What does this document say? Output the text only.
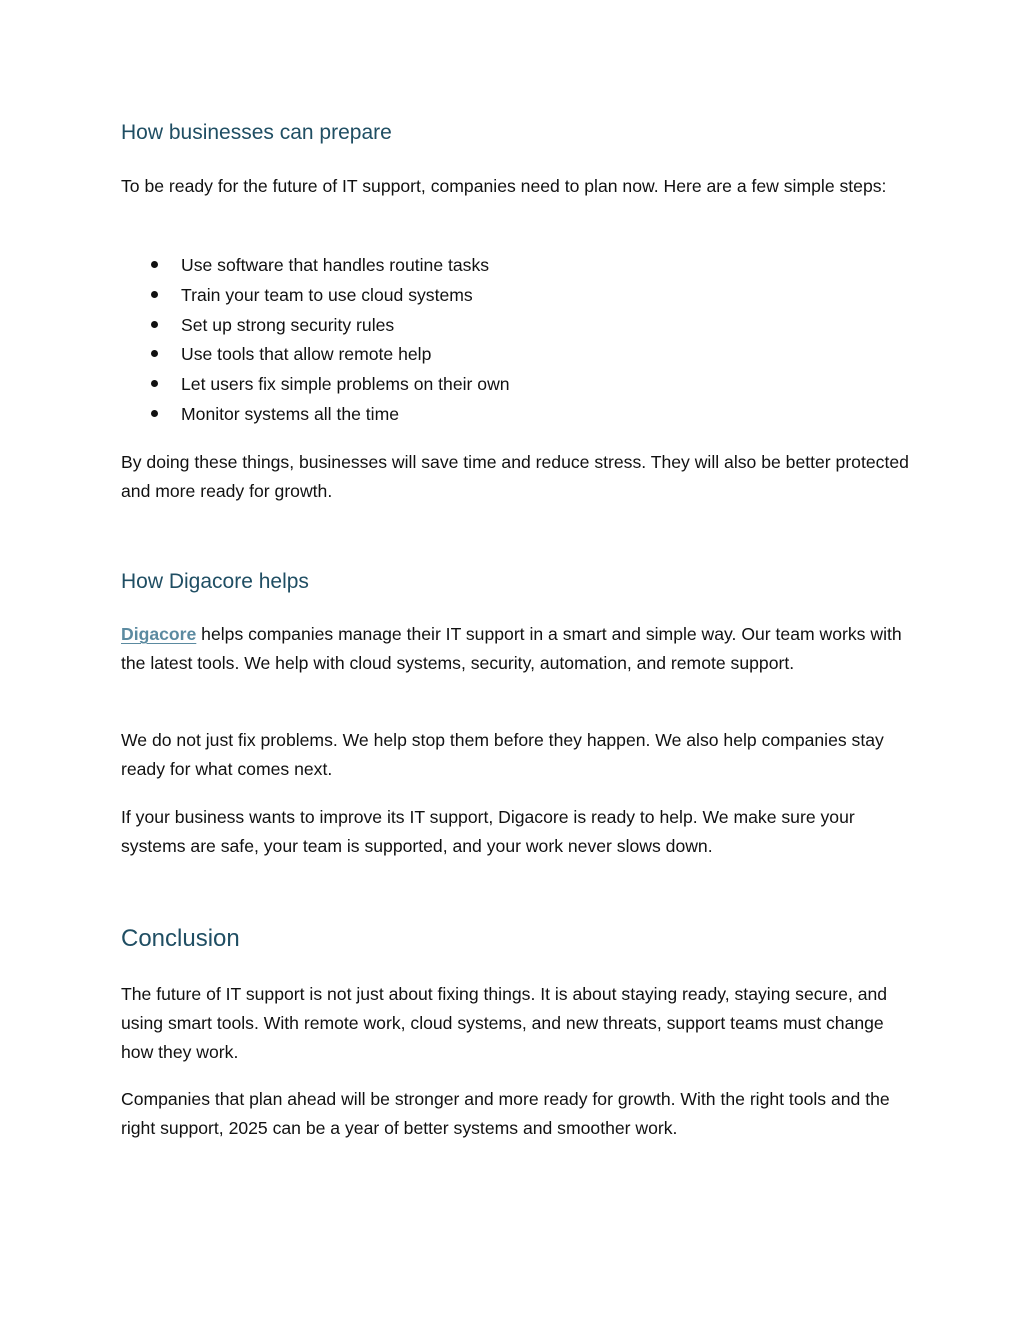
How businesses can prepare

To be ready for the future of IT support, companies need to plan now. Here are a few simple steps:

Use software that handles routine tasks
Train your team to use cloud systems
Set up strong security rules
Use tools that allow remote help
Let users fix simple problems on their own
Monitor systems all the time

By doing these things, businesses will save time and reduce stress. They will also be better protected and more ready for growth.

How Digacore helps

Digacore helps companies manage their IT support in a smart and simple way. Our team works with the latest tools. We help with cloud systems, security, automation, and remote support.

We do not just fix problems. We help stop them before they happen. We also help companies stay ready for what comes next.

If your business wants to improve its IT support, Digacore is ready to help. We make sure your systems are safe, your team is supported, and your work never slows down.

Conclusion

The future of IT support is not just about fixing things. It is about staying ready, staying secure, and using smart tools. With remote work, cloud systems, and new threats, support teams must change how they work.

Companies that plan ahead will be stronger and more ready for growth. With the right tools and the right support, 2025 can be a year of better systems and smoother work.
